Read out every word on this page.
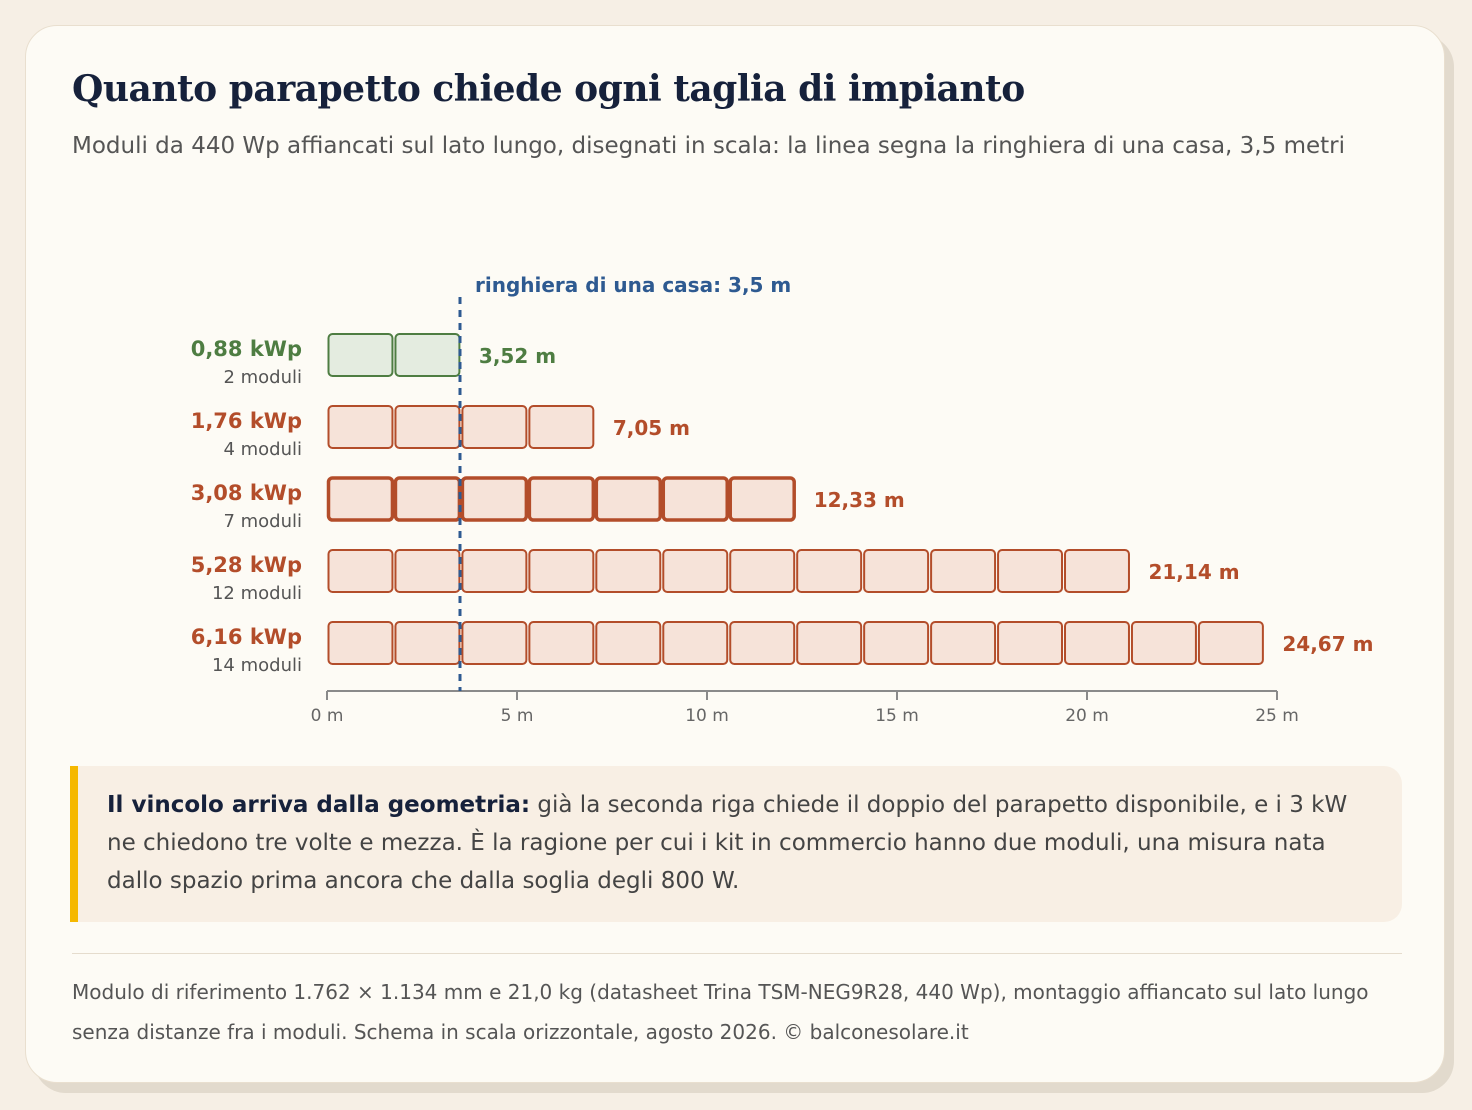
Quanto parapetto chiede ogni taglia di impianto

Moduli da 440 Wp affiancati sul lato lungo, disegnati in scala: la linea segna la ringhiera di una casa, 3,5 metri

0,88 kWp
2 moduli
3,52 m
1,76 kWp
4 moduli
7,05 m
3,08 kWp
7 moduli
12,33 m
5,28 kWp
12 moduli
21,14 m
6,16 kWp
14 moduli
24,67 m
0 m	5 m	10 m	15 m	20 m	25 m
ringhiera di una casa: 3,5 m

Il vincolo arriva dalla geometria: già la seconda riga chiede il doppio del parapetto disponibile, e i 3 kW ne chiedono tre volte e mezza. È la ragione per cui i kit in commercio hanno due moduli, una misura nata dallo spazio prima ancora che dalla soglia degli 800 W.

Modulo di riferimento 1.762 × 1.134 mm e 21,0 kg (datasheet Trina TSM-NEG9R28, 440 Wp), montaggio affiancato sul lato lungo senza distanze fra i moduli. Schema in scala orizzontale, agosto 2026. © balconesolare.it
